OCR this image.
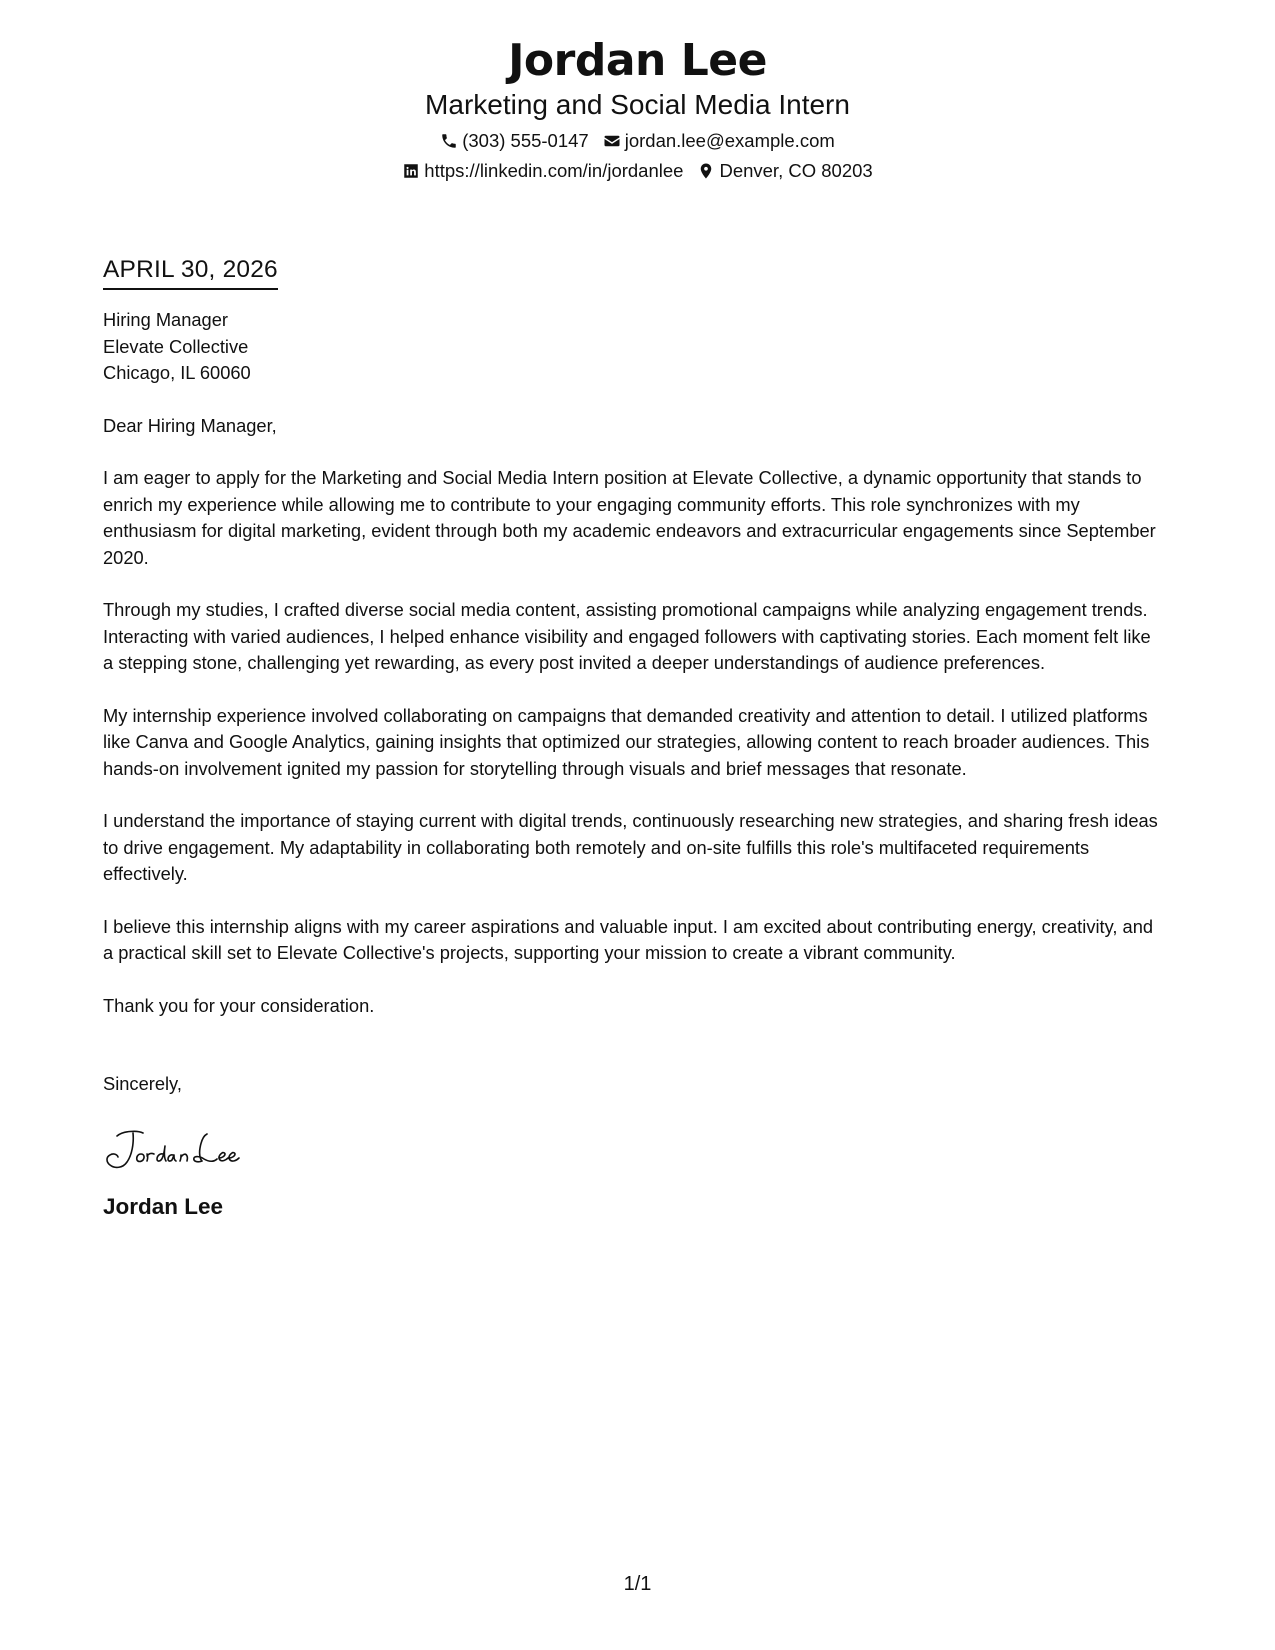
Jordan Lee
Marketing and Social Media Intern
(303) 555-0147 jordan.lee@example.com
https://linkedin.com/in/jordanlee Denver, CO 80203
APRIL 30, 2026
Hiring Manager
Elevate Collective
Chicago, IL 60060
Dear Hiring Manager,
I am eager to apply for the Marketing and Social Media Intern position at Elevate Collective, a dynamic opportunity that stands to enrich my experience while allowing me to contribute to your engaging community efforts. This role synchronizes with my enthusiasm for digital marketing, evident through both my academic endeavors and extracurricular engagements since September 2020.
Through my studies, I crafted diverse social media content, assisting promotional campaigns while analyzing engagement trends. Interacting with varied audiences, I helped enhance visibility and engaged followers with captivating stories. Each moment felt like a stepping stone, challenging yet rewarding, as every post invited a deeper understandings of audience preferences.
My internship experience involved collaborating on campaigns that demanded creativity and attention to detail. I utilized platforms like Canva and Google Analytics, gaining insights that optimized our strategies, allowing content to reach broader audiences. This hands-on involvement ignited my passion for storytelling through visuals and brief messages that resonate.
I understand the importance of staying current with digital trends, continuously researching new strategies, and sharing fresh ideas to drive engagement. My adaptability in collaborating both remotely and on-site fulfills this role's multifaceted requirements effectively.
I believe this internship aligns with my career aspirations and valuable input. I am excited about contributing energy, creativity, and a practical skill set to Elevate Collective's projects, supporting your mission to create a vibrant community.
Thank you for your consideration.
Sincerely,
Jordan Lee
1/1
